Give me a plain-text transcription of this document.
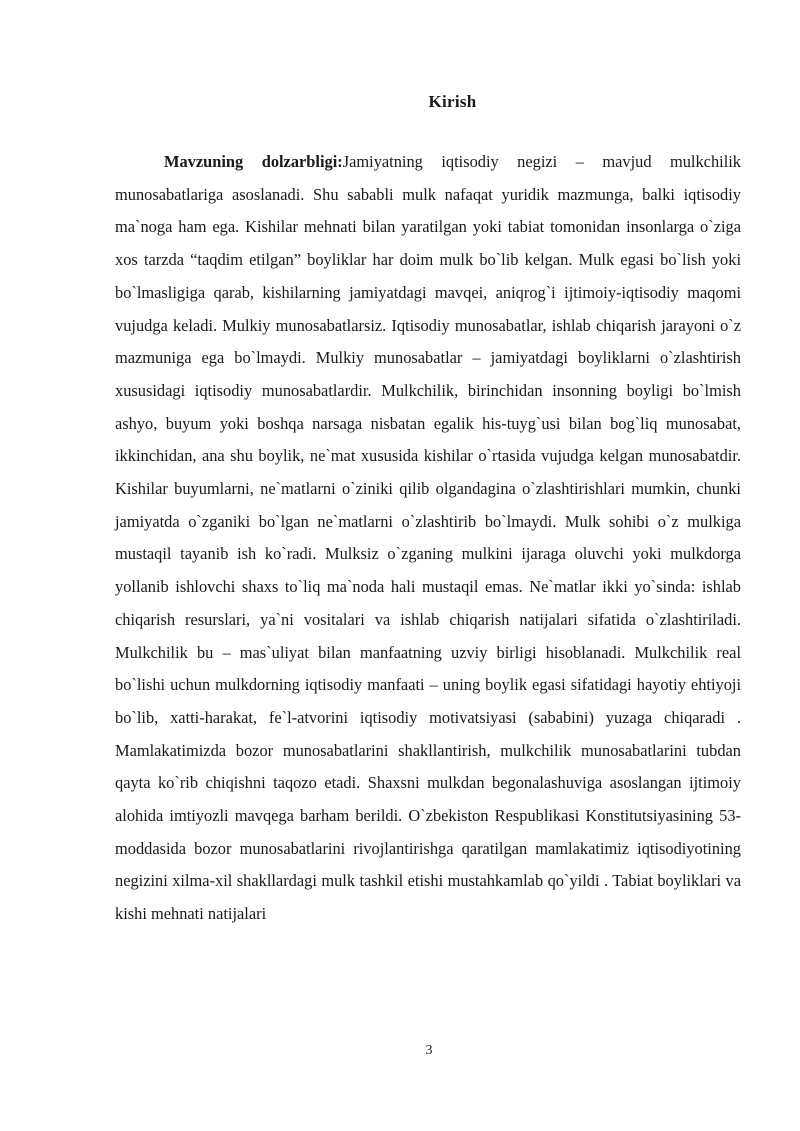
Kirish

Mavzuning dolzarbligi:Jamiyatning iqtisodiy negizi – mavjud mulkchilik munosabatlariga asoslanadi. Shu sababli mulk nafaqat yuridik mazmunga, balki iqtisodiy ma`noga ham ega. Kishilar mehnati bilan yaratilgan yoki tabiat tomonidan insonlarga o`ziga xos tarzda “taqdim etilgan” boyliklar har doim mulk bo`lib kelgan. Mulk egasi bo`lish yoki bo`lmasligiga qarab, kishilarning jamiyatdagi mavqei, aniqrog`i ijtimoiy-iqtisodiy maqomi vujudga keladi. Mulkiy munosabatlarsiz. Iqtisodiy munosabatlar, ishlab chiqarish jarayoni o`z mazmuniga ega bo`lmaydi. Mulkiy munosabatlar – jamiyatdagi boyliklarni o`zlashtirish xususidagi iqtisodiy munosabatlardir. Mulkchilik, birinchidan insonning boyligi bo`lmish ashyo, buyum yoki boshqa narsaga nisbatan egalik his-tuyg`usi bilan bog`liq munosabat, ikkinchidan, ana shu boylik, ne`mat xususida kishilar o`rtasida vujudga kelgan munosabatdir. Kishilar buyumlarni, ne`matlarni o`ziniki qilib olgandagina o`zlashtirishlari mumkin, chunki jamiyatda o`zganiki bo`lgan ne`matlarni o`zlashtirib bo`lmaydi. Mulk sohibi o`z mulkiga mustaqil tayanib ish ko`radi. Mulksiz o`zganing mulkini ijaraga oluvchi yoki mulkdorga yollanib ishlovchi shaxs to`liq ma`noda hali mustaqil emas. Ne`matlar ikki yo`sinda: ishlab chiqarish resurslari, ya`ni vositalari va ishlab chiqarish natijalari sifatida o`zlashtiriladi. Mulkchilik bu – mas`uliyat bilan manfaatning uzviy birligi hisoblanadi. Mulkchilik real bo`lishi uchun mulkdorning iqtisodiy manfaati – uning boylik egasi sifatidagi hayotiy ehtiyoji bo`lib, xatti-harakat, fe`l-atvorini iqtisodiy motivatsiyasi (sababini) yuzaga chiqaradi . Mamlakatimizda bozor munosabatlarini shakllantirish, mulkchilik munosabatlarini tubdan qayta ko`rib chiqishni taqozo etadi. Shaxsni mulkdan begonalashuviga asoslangan ijtimoiy alohida imtiyozli mavqega barham berildi. O`zbekiston Respublikasi Konstitutsiyasining 53-moddasida bozor munosabatlarini rivojlantirishga qaratilgan mamlakatimiz iqtisodiyotining negizini xilma-xil shakllardagi mulk tashkil etishi mustahkamlab qo`yildi . Tabiat boyliklari va kishi mehnati natijalari

3
